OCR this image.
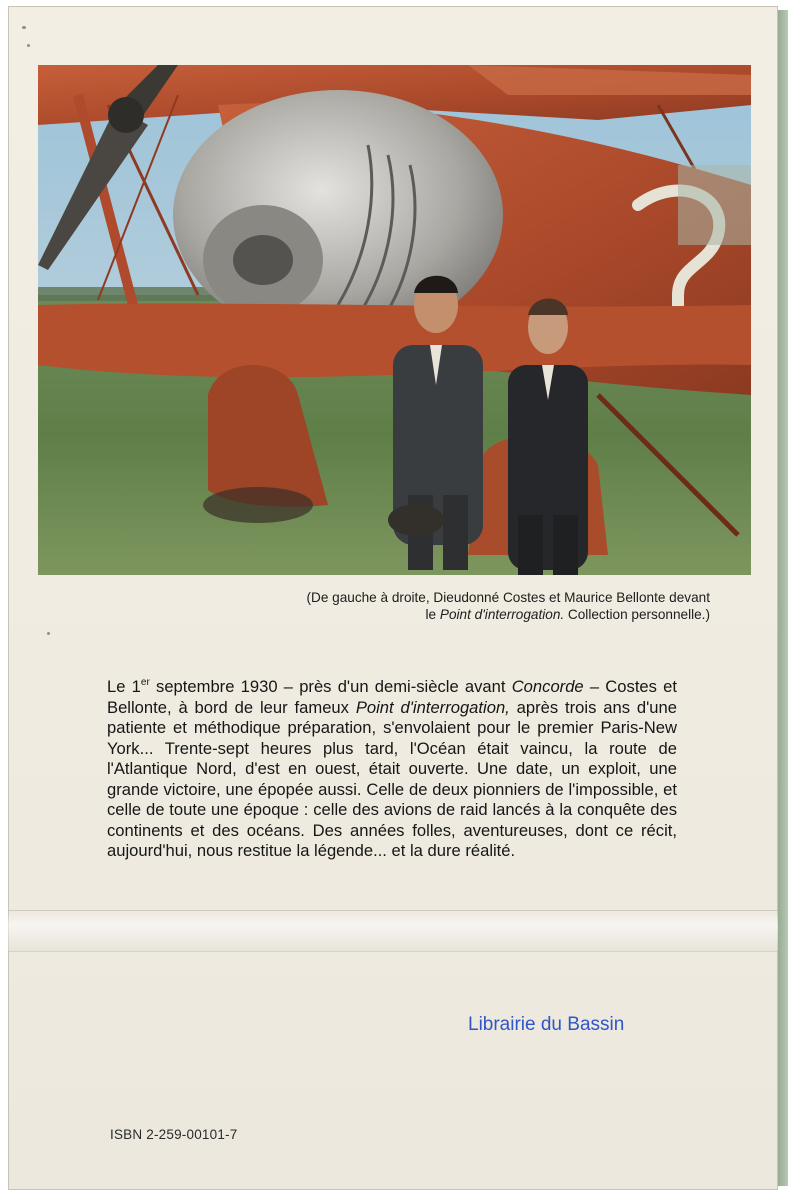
(De gauche à droite, Dieudonné Costes et Maurice Bellonte devant
le Point d'interrogation. Collection personnelle.)
Le 1er septembre 1930 – près d'un demi-siècle avant Concorde – Costes et Bellonte, à bord de leur fameux Point d'interrogation, après trois ans d'une patiente et méthodique préparation, s'envolaient pour le premier Paris-New York... Trente-sept heures plus tard, l'Océan était vaincu, la route de l'Atlantique Nord, d'est en ouest, était ouverte. Une date, un exploit, une grande victoire, une épopée aussi. Celle de deux pionniers de l'impossible, et celle de toute une époque : celle des avions de raid lancés à la conquête des continents et des océans. Des années folles, aventureuses, dont ce récit, aujourd'hui, nous restitue la légende... et la dure réalité.
Librairie du Bassin
ISBN 2-259-00101-7
